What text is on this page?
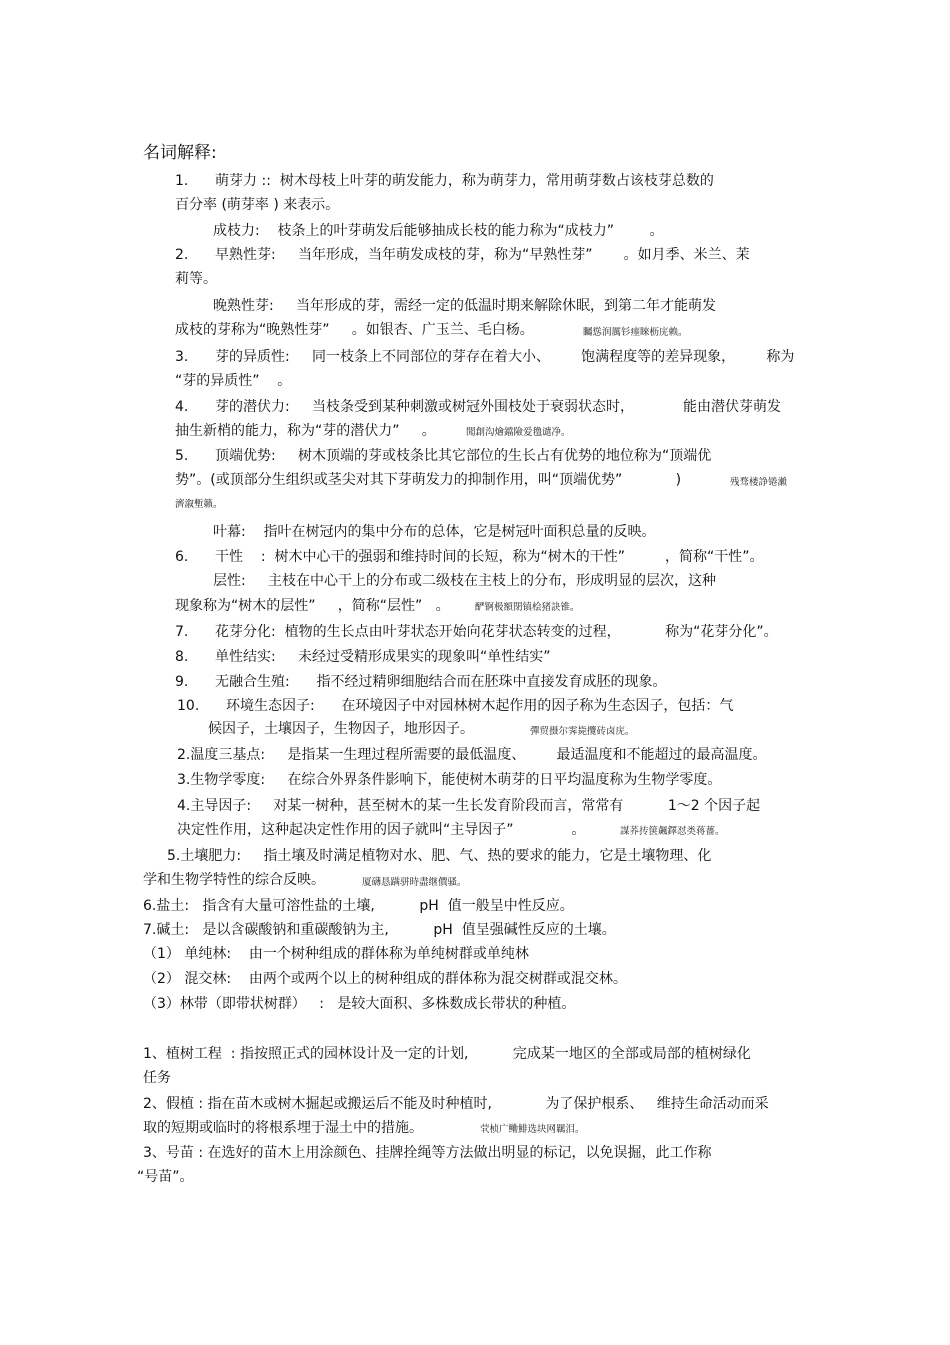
名词解释:
1.      萌芽力 ::  树木母枝上叶芽的萌发能力，称为萌芽力，常用萌芽数占该枝芽总数的
百分率 (萌芽率 ) 来表示。
成枝力:    枝条上的叶芽萌发后能够抽成长枝的能力称为“成枝力”        。
2.      早熟性芽:     当年形成，当年萌发成枝的芽，称为“早熟性芽”       。如月季、米兰、茉
莉等。
晚熟性芽:     当年形成的芽，需经一定的低温时期来解除休眠，到第二年才能萌发
成枝的芽称为“晚熟性芽”     。如银杏、广玉兰、毛白杨。	矚慫润厲钐瘗睞枥庑赖。
3.      芽的异质性:     同一枝条上不同部位的芽存在着大小、       饱满程度等的差异现象，       称为
“芽的异质性”    。
4.      芽的潜伏力:     当枝条受到某种刺激或树冠外围枝处于衰弱状态时，           能由潜伏芽萌发
抽生新梢的能力，称为“芽的潜伏力”     。	聞創沟燴鐺險爱氇谴净。
5.      顶端优势:     树木顶端的芽或枝条比其它部位的生长占有优势的地位称为“顶端优
势”。(或顶部分生组织或茎尖对其下芽萌发力的抑制作用，叫“顶端优势”            )	残骛楼諍锩瀨
濟溆塹籟。
叶幕:    指叶在树冠内的集中分布的总体，它是树冠叶面积总量的反映。
6.      干性    :  树木中心干的强弱和维持时间的长短，称为“树木的干性”         ，简称“干性”。
层性:     主枝在中心干上的分布或二级枝在主枝上的分布，形成明显的层次，这种
现象称为“树木的层性”     ，简称“层性”   。	酽锕极額閉镇桧猪訣锥。
7.      花芽分化:  植物的生长点由叶芽状态开始向花芽状态转变的过程，          称为“花芽分化”。
8.      单性结实:     未经过受精形成果实的现象叫“单性结实”
9.      无融合生殖:      指不经过精卵细胞结合而在胚珠中直接发育成胚的现象。
10.      环境生态因子:      在环境因子中对园林树木起作用的因子称为生态因子，包括：气
候因子，土壤因子，生物因子，地形因子。	彈贸摄尔霁毙攬砖卤庑。
2.温度三基点:     是指某一生理过程所需要的最低温度、       最适温度和不能超过的最高温度。
3.生物学零度:     在综合外界条件影响下，能使树木萌芽的日平均温度称为生物学零度。
4.主导因子:     对某一树种，甚至树木的某一生长发育阶段而言，常常有          1～2 个因子起
决定性作用，这种起决定性作用的因子就叫“主导因子”             。	謀荞抟箧飆鐸怼类蒋薔。
5.土壤肥力:     指土壤及时满足植物对水、肥、气、热的要求的能力，它是土壤物理、化
学和生物学特性的综合反映。	厦礴恳蹒骈時盡继價骚。
6.盐土:   指含有大量可溶性盐的土壤,          pH  值一般呈中性反应。
7.碱土:   是以含碳酸钠和重碳酸钠为主,          pH  值呈强碱性反应的土壤。
（1） 单纯林:    由一个树种组成的群体称为单纯树群或单纯林
（2） 混交林:    由两个或两个以上的树种组成的群体称为混交树群或混交林。
（3）林带（即带状树群）   :   是较大面积、多株数成长带状的种植。
1、植树工程  : 指按照正式的园林设计及一定的计划,          完成某一地区的全部或局部的植树绿化
任务
2、假植 : 指在苗木或树木掘起或搬运后不能及时种植时,            为了保护根系、   维持生命活动而采
取的短期或临时的将根系埋于湿土中的措施。	茕桢广鳓鯡选块网羈泪。
3、号苗 : 在选好的苗木上用涂颜色、挂牌拴绳等方法做出明显的标记，以免误掘，此工作称
“号苗”。
